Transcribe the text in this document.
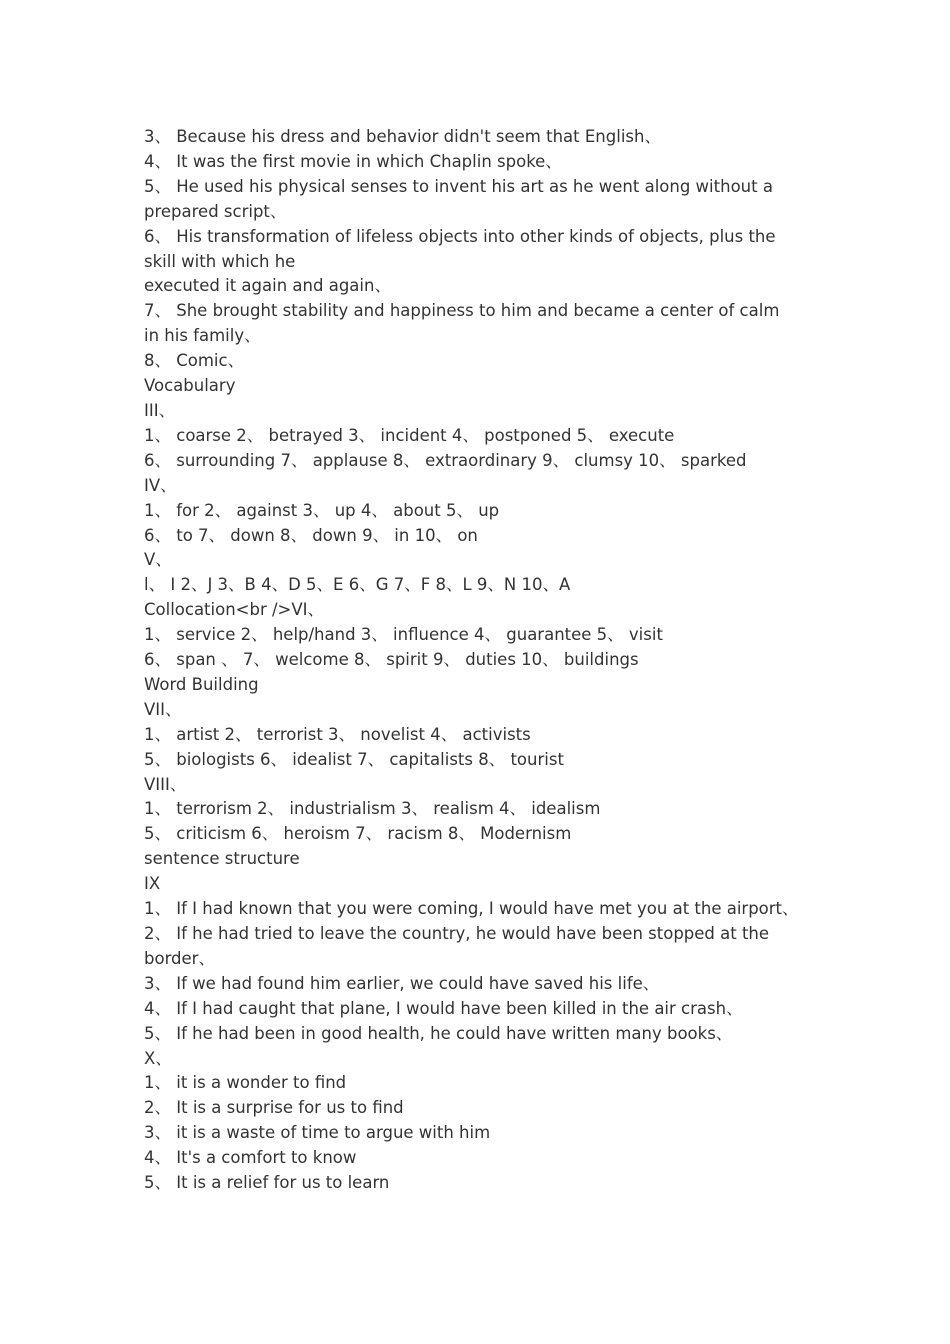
3、 Because his dress and behavior didn't seem that English、

4、 It was the first movie in which Chaplin spoke、

5、 He used his physical senses to invent his art as he went along without a prepared script、

6、 His transformation of lifeless objects into other kinds of objects, plus the skill with which he

executed it again and again、

7、 She brought stability and happiness to him and became a center of calm in his family、

8、 Comic、

Vocabulary

III、

1、 coarse 2、 betrayed 3、 incident 4、 postponed 5、 execute

6、 surrounding 7、 applause 8、 extraordinary 9、 clumsy 10、 sparked

IV、

1、 for 2、 against 3、 up 4、 about 5、 up

6、 to 7、 down 8、 down 9、 in 10、 on

V、

l、 I 2、J 3、B 4、D 5、E 6、G 7、F 8、L 9、N 10、A

Collocation<br />VI、

1、 service 2、 help/hand 3、 influence 4、 guarantee 5、 visit

6、 span 、 7、 welcome 8、 spirit 9、 duties 10、 buildings

Word Building

VII、

1、 artist 2、 terrorist 3、 novelist 4、 activists

5、 biologists 6、 idealist 7、 capitalists 8、 tourist

VIII、

1、 terrorism 2、 industrialism 3、 realism 4、 idealism

5、 criticism 6、 heroism 7、 racism 8、 Modernism

sentence structure

IX

1、 If I had known that you were coming, I would have met you at the airport、

2、 If he had tried to leave the country, he would have been stopped at the border、

3、 If we had found him earlier, we could have saved his life、

4、 If I had caught that plane, I would have been killed in the air crash、

5、 If he had been in good health, he could have written many books、

X、

1、 it is a wonder to find

2、 It is a surprise for us to find

3、 it is a waste of time to argue with him

4、 It's a comfort to know

5、 It is a relief for us to learn
